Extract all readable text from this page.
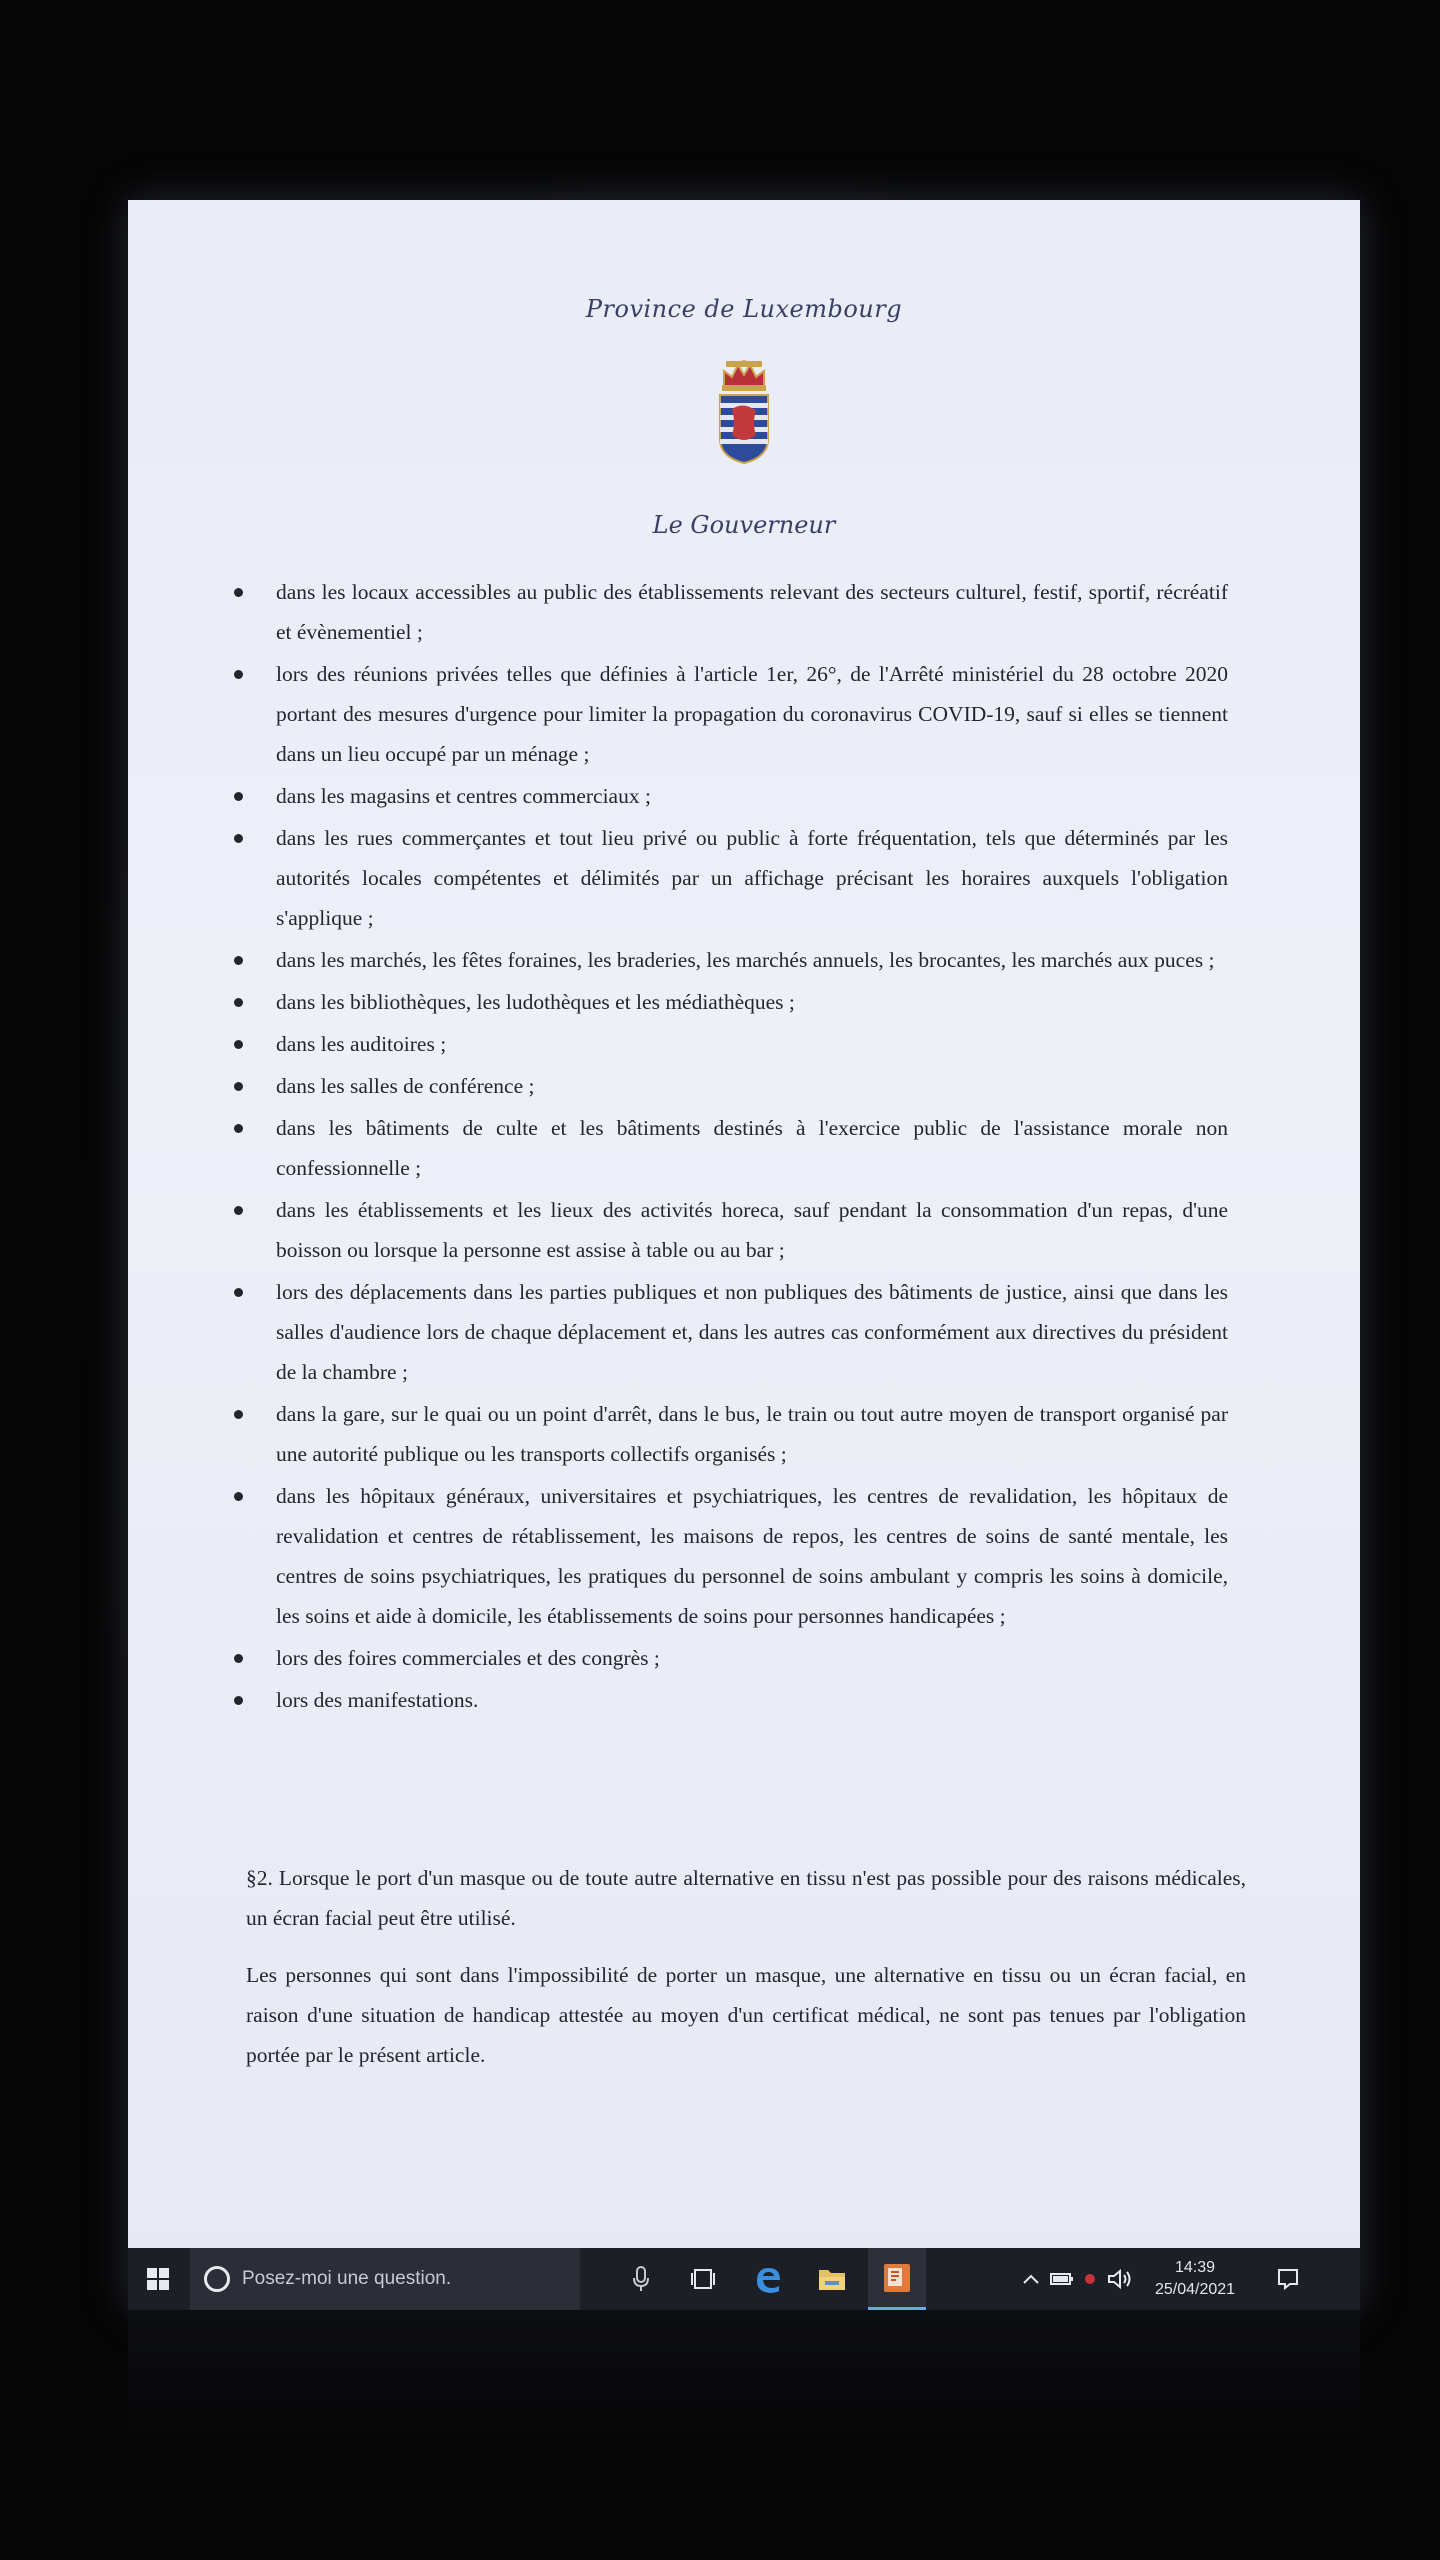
Province de Luxembourg
Le Gouverneur
dans les locaux accessibles au public des établissements relevant des secteurs culturel, festif, sportif, récréatif et évènementiel ;
lors des réunions privées telles que définies à l'article 1er, 26°, de l'Arrêté ministériel du 28 octobre 2020 portant des mesures d'urgence pour limiter la propagation du coronavirus COVID-19, sauf si elles se tiennent dans un lieu occupé par un ménage ;
dans les magasins et centres commerciaux ;
dans les rues commerçantes et tout lieu privé ou public à forte fréquentation, tels que déterminés par les autorités locales compétentes et délimités par un affichage précisant les horaires auxquels l'obligation s'applique ;
dans les marchés, les fêtes foraines, les braderies, les marchés annuels, les brocantes, les marchés aux puces ;
dans les bibliothèques, les ludothèques et les médiathèques ;
dans les auditoires ;
dans les salles de conférence ;
dans les bâtiments de culte et les bâtiments destinés à l'exercice public de l'assistance morale non confessionnelle ;
dans les établissements et les lieux des activités horeca, sauf pendant la consommation d'un repas, d'une boisson ou lorsque la personne est assise à table ou au bar ;
lors des déplacements dans les parties publiques et non publiques des bâtiments de justice, ainsi que dans les salles d'audience lors de chaque déplacement et, dans les autres cas conformément aux directives du président de la chambre ;
dans la gare, sur le quai ou un point d'arrêt, dans le bus, le train ou tout autre moyen de transport organisé par une autorité publique ou les transports collectifs organisés ;
dans les hôpitaux généraux, universitaires et psychiatriques, les centres de revalidation, les hôpitaux de revalidation et centres de rétablissement, les maisons de repos, les centres de soins de santé mentale, les centres de soins psychiatriques, les pratiques du personnel de soins ambulant y compris les soins à domicile, les soins et aide à domicile, les établissements de soins pour personnes handicapées ;
lors des foires commerciales et des congrès ;
lors des manifestations.

§2. Lorsque le port d'un masque ou de toute autre alternative en tissu n'est pas possible pour des raisons médicales, un écran facial peut être utilisé.

Les personnes qui sont dans l'impossibilité de porter un masque, une alternative en tissu ou un écran facial, en raison d'une situation de handicap attestée au moyen d'un certificat médical, ne sont pas tenues par l'obligation portée par le présent article.

Posez-moi une question.
14:39
25/04/2021
